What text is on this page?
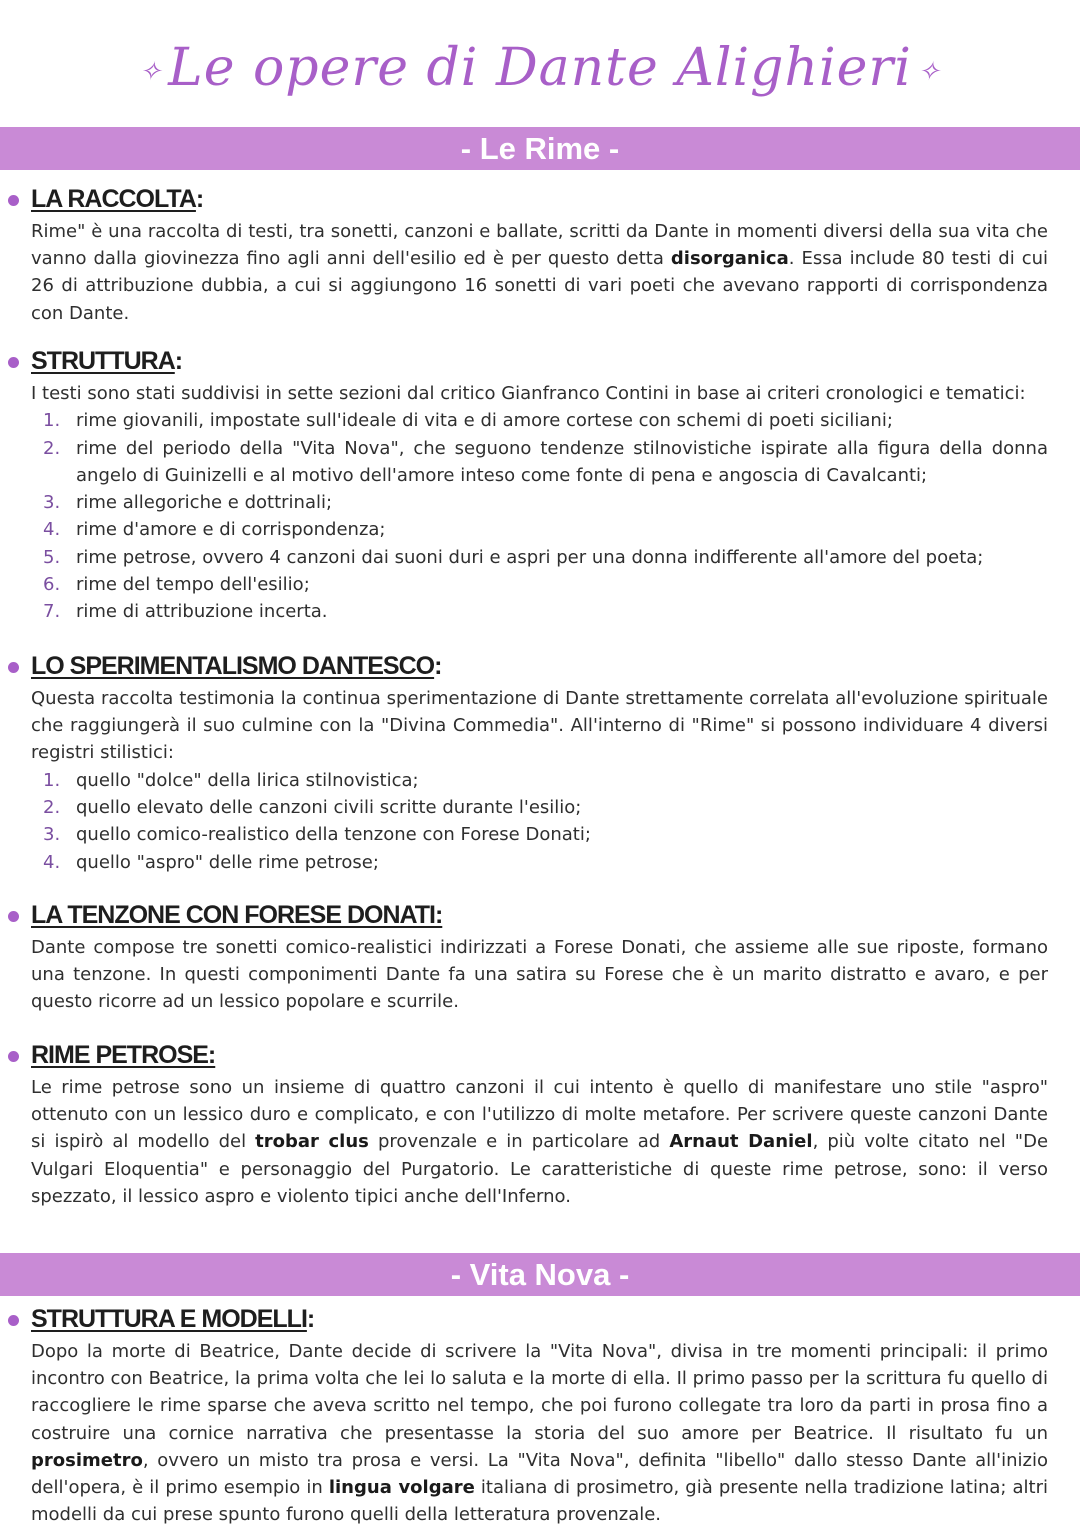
✧ Le opere di Dante Alighieri ✧
- Le Rime -
LA RACCOLTA:

Rime" è una raccolta di testi, tra sonetti, canzoni e ballate, scritti da Dante in momenti diversi della sua vita che vanno dalla giovinezza fino agli anni dell'esilio ed è per questo detta disorganica. Essa include 80 testi di cui 26 di attribuzione dubbia, a cui si aggiungono 16 sonetti di vari poeti che avevano rapporti di corrispondenza con Dante.

STRUTTURA:

I testi sono stati suddivisi in sette sezioni dal critico Gianfranco Contini in base ai criteri cronologici e tematici:

1. rime giovanili, impostate sull'ideale di vita e di amore cortese con schemi di poeti siciliani;
2. rime del periodo della "Vita Nova", che seguono tendenze stilnovistiche ispirate alla figura della donna angelo di Guinizelli e al motivo dell'amore inteso come fonte di pena e angoscia di Cavalcanti;
3. rime allegoriche e dottrinali;
4. rime d'amore e di corrispondenza;
5. rime petrose, ovvero 4 canzoni dai suoni duri e aspri per una donna indifferente all'amore del poeta;
6. rime del tempo dell'esilio;
7. rime di attribuzione incerta.
LO SPERIMENTALISMO DANTESCO:

Questa raccolta testimonia la continua sperimentazione di Dante strettamente correlata all'evoluzione spirituale che raggiungerà il suo culmine con la "Divina Commedia". All'interno di "Rime" si possono individuare 4 diversi registri stilistici:

1. quello "dolce" della lirica stilnovistica;
2. quello elevato delle canzoni civili scritte durante l'esilio;
3. quello comico-realistico della tenzone con Forese Donati;
4. quello "aspro" delle rime petrose;
LA TENZONE CON FORESE DONATI:

Dante compose tre sonetti comico-realistici indirizzati a Forese Donati, che assieme alle sue riposte, formano una tenzone. In questi componimenti Dante fa una satira su Forese che è un marito distratto e avaro, e per questo ricorre ad un lessico popolare e scurrile.

RIME PETROSE:

Le rime petrose sono un insieme di quattro canzoni il cui intento è quello di manifestare uno stile "aspro" ottenuto con un lessico duro e complicato, e con l'utilizzo di molte metafore. Per scrivere queste canzoni Dante si ispirò al modello del trobar clus provenzale e in particolare ad Arnaut Daniel, più volte citato nel "De Vulgari Eloquentia" e personaggio del Purgatorio. Le caratteristiche di queste rime petrose, sono: il verso spezzato, il lessico aspro e violento tipici anche dell'Inferno.

- Vita Nova -
STRUTTURA E MODELLI:

Dopo la morte di Beatrice, Dante decide di scrivere la "Vita Nova", divisa in tre momenti principali: il primo incontro con Beatrice, la prima volta che lei lo saluta e la morte di ella. Il primo passo per la scrittura fu quello di raccogliere le rime sparse che aveva scritto nel tempo, che poi furono collegate tra loro da parti in prosa fino a costruire una cornice narrativa che presentasse la storia del suo amore per Beatrice. Il risultato fu un prosimetro, ovvero un misto tra prosa e versi. La "Vita Nova", definita "libello" dallo stesso Dante all'inizio dell'opera, è il primo esempio in lingua volgare italiana di prosimetro, già presente nella tradizione latina; altri modelli da cui prese spunto furono quelli della letteratura provenzale.
